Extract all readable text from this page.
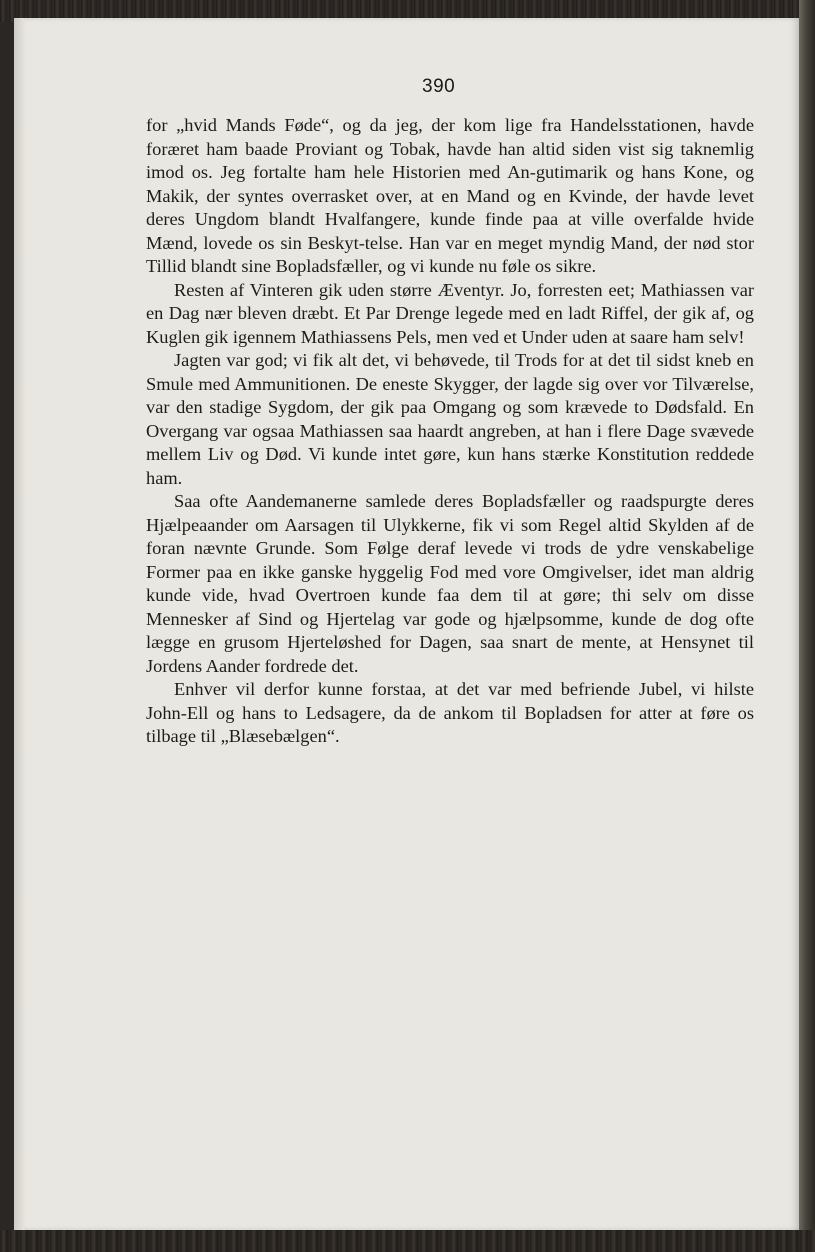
390

for „hvid Mands Føde“, og da jeg, der kom lige fra Handelsstationen, havde foræret ham baade Proviant og Tobak, havde han altid siden vist sig taknemlig imod os. Jeg fortalte ham hele Historien med An‑gutimarik og hans Kone, og Makik, der syntes overrasket over, at en Mand og en Kvinde, der havde levet deres Ungdom blandt Hvalfangere, kunde finde paa at ville overfalde hvide Mænd, lovede os sin Beskyt‑telse. Han var en meget myndig Mand, der nød stor Tillid blandt sine Bopladsfæller, og vi kunde nu føle os sikre.

Resten af Vinteren gik uden større Æventyr. Jo, forresten eet; Mathiassen var en Dag nær bleven dræbt. Et Par Drenge legede med en ladt Riffel, der gik af, og Kuglen gik igennem Mathiassens Pels, men ved et Under uden at saare ham selv!

Jagten var god; vi fik alt det, vi behøvede, til Trods for at det til sidst kneb en Smule med Ammunitionen. De eneste Skygger, der lagde sig over vor Tilværelse, var den stadige Sygdom, der gik paa Omgang og som krævede to Dødsfald. En Overgang var ogsaa Mathiassen saa haardt angreben, at han i flere Dage svævede mellem Liv og Død. Vi kunde intet gøre, kun hans stærke Konstitution reddede ham.

Saa ofte Aandemanerne samlede deres Bopladsfæller og raadspurgte deres Hjælpeaander om Aarsagen til Ulykkerne, fik vi som Regel altid Skylden af de foran nævnte Grunde. Som Følge deraf levede vi trods de ydre venskabelige Former paa en ikke ganske hyggelig Fod med vore Omgivelser, idet man aldrig kunde vide, hvad Overtroen kunde faa dem til at gøre; thi selv om disse Mennesker af Sind og Hjertelag var gode og hjælpsomme, kunde de dog ofte lægge en grusom Hjerteløshed for Dagen, saa snart de mente, at Hensynet til Jordens Aander fordrede det.

Enhver vil derfor kunne forstaa, at det var med befriende Jubel, vi hilste John‑Ell og hans to Ledsagere, da de ankom til Bopladsen for atter at føre os tilbage til „Blæsebælgen“.
